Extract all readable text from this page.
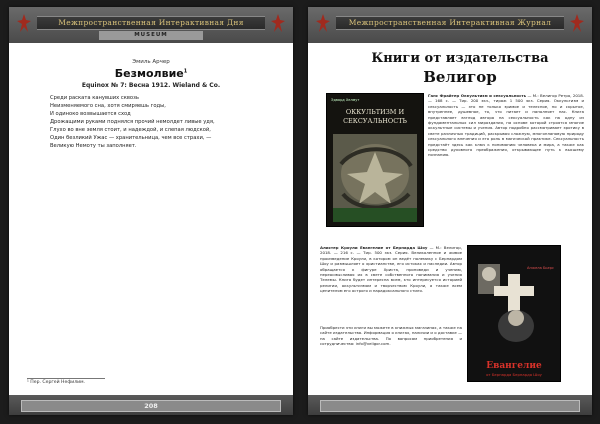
Межпространственная Интерактивная Дня
MUSEUM
Эмиль Арчер
Безмолвие$^1$
Equinox № 7: Весна 1912. Wieland & Co.
Среди раската канувших сквозь
Неизменяемого сна, хотя смиряешь годы,
И одиноко возвышается сход
Дрожащими руками поднялся прочий немолдет ливые удя,
Глухо во вне земля стоит, и надеждой, и слепая людской,
Один безликий Ужас — хранительница, чем все страхи, —
Великую Немоту ты заполняет.
¹ Пер. Сергей Нефилим.
208
Межпространственная Интерактивная Журнал
Книги от издательства
Велигор
Эдвард Хелмут
ОККУЛЬТИЗМ И СЕКСУАЛЬНОСТЬ
Ганс Фрайтер Оккультизм и сексуальность — М.: Велигор Ретро, 2018. — 168 с. — Тир. 200 экз., тираж 1 500 экз. Серия. Оккультизм и сексуальность — это не только зримое и телесное, но и скрытое, внутреннее, душевное, то, что питает и наполняет нас. Книга представляет взгляд автора на сексуальность как на одну из фундаментальных сил мироздания, на основе которой строятся многие оккультные системы и учения. Автор подробно рассматривает эротику в свете различных традиций, раскрывая сложную, многоплановую природу сексуального влечения и его роль в магической практике. Сексуальность предстаёт здесь как ключ к пониманию человека и мира, а также как средство духовного преображения, открывающее путь к высшему познанию.
Алистер Кроули Евангелие от Бернарда Шоу — М.: Велигор, 2018. — 216 с. — Тир. 500 экз. Серия. Великолепное и живое произведение Кроули, в котором он ведёт полемику с Бернардом Шоу и размышляет о христианстве, его истоках и наследии. Автор обращается к фигуре Христа, проповеди и учению, переосмысливая их в свете собственного понимания и учения Телемы. Книга будет интересна всем, кто интересуется историей религии, оккультизмом и творчеством Кроули, а также всем ценителям его острого и парадоксального стиля.
Приобрести эти книги вы можете в книжных магазинах, а также на сайте издательства. Информация о книгах, наличии и о доставке — на сайте издательства. По вопросам приобретения и сотрудничества: info@veligor.com.
Анжела Бьерс
Евангелие
от Бернарда Бернарда Шоу
